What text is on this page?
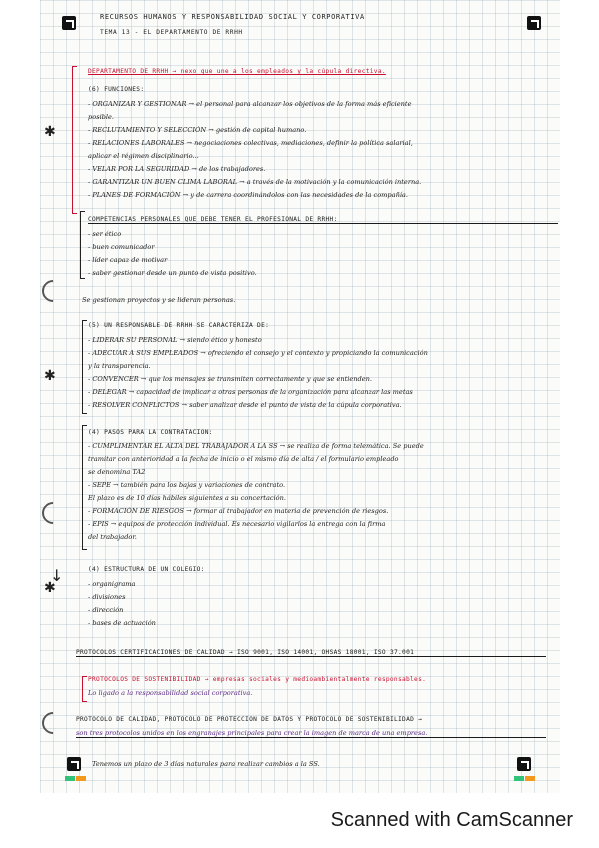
RECURSOS HUMANOS Y RESPONSABILIDAD SOCIAL Y CORPORATIVA
TEMA 13 - EL DEPARTAMENTO DE RRHH
✱
✱
✱
↓
DEPARTAMENTO DE RRHH → nexo que une a los empleados y la cúpula directiva.
(6) FUNCIONES:
- ORGANIZAR Y GESTIONAR → el personal para alcanzar los objetivos de la forma más eficiente
posible.
- RECLUTAMIENTO Y SELECCIÓN → gestión de capital humano.
- RELACIONES LABORALES → negociaciones colectivas, mediaciones, definir la política salarial,
aplicar el régimen disciplinario...
- VELAR POR LA SEGURIDAD → de los trabajadores.
- GARANTIZAR UN BUEN CLIMA LABORAL → a través de la motivación y la comunicación interna.
- PLANES DE FORMACIÓN → y de carrera coordinándolos con las necesidades de la compañía.
COMPETENCIAS PERSONALES QUE DEBE TENER EL PROFESIONAL DE RRHH:
- ser ético
- buen comunicador
- líder capaz de motivar
- saber gestionar desde un punto de vista positivo.
Se gestionan proyectos y se lideran personas.
(5) UN RESPONSABLE DE RRHH SE CARACTERIZA DE:
- LIDERAR SU PERSONAL → siendo ético y honesto
- ADECUAR A SUS EMPLEADOS → ofreciendo el consejo y el contexto y propiciando la comunicación
y la transparencia.
- CONVENCER → que los mensajes se transmiten correctamente y que se entienden.
- DELEGAR → capacidad de implicar a otras personas de la organización para alcanzar las metas
- RESOLVER CONFLICTOS → saber analizar desde el punto de vista de la cúpula corporativa.
(4) PASOS PARA LA CONTRATACIÓN:
- CUMPLIMENTAR EL ALTA DEL TRABAJADOR A LA SS → se realiza de forma telemática. Se puede
tramitar con anterioridad a la fecha de inicio o el mismo día de alta / el formulario empleado
se denomina TA2
- SEPE → también para los bajas y variaciones de contrato.
El plazo es de 10 días hábiles siguientes a su concertación.
- FORMACIÓN DE RIESGOS → formar al trabajador en materia de prevención de riesgos.
- EPIS → equipos de protección individual. Es necesario vigilarlos la entrega con la firma
del trabajador.
(4) ESTRUCTURA DE UN COLEGIO:
- organigrama
- divisiones
- dirección
- bases de actuación
PROTOCOLOS CERTIFICACIONES DE CALIDAD → ISO 9001, ISO 14001, OHSAS 18001, ISO 37.001
PROTOCOLOS DE SOSTENIBILIDAD → empresas sociales y medioambientalmente responsables.
Lo ligado a la responsabilidad social corporativa.
PROTOCOLO DE CALIDAD, PROTOCOLO DE PROTECCIÓN DE DATOS Y PROTOCOLO DE SOSTENIBILIDAD →
son tres protocolos unidos en los engranajes principales para crear la imagen de marca de una empresa.
Tenemos un plazo de 3 días naturales para realizar cambios a la SS.
Scanned with CamScanner
